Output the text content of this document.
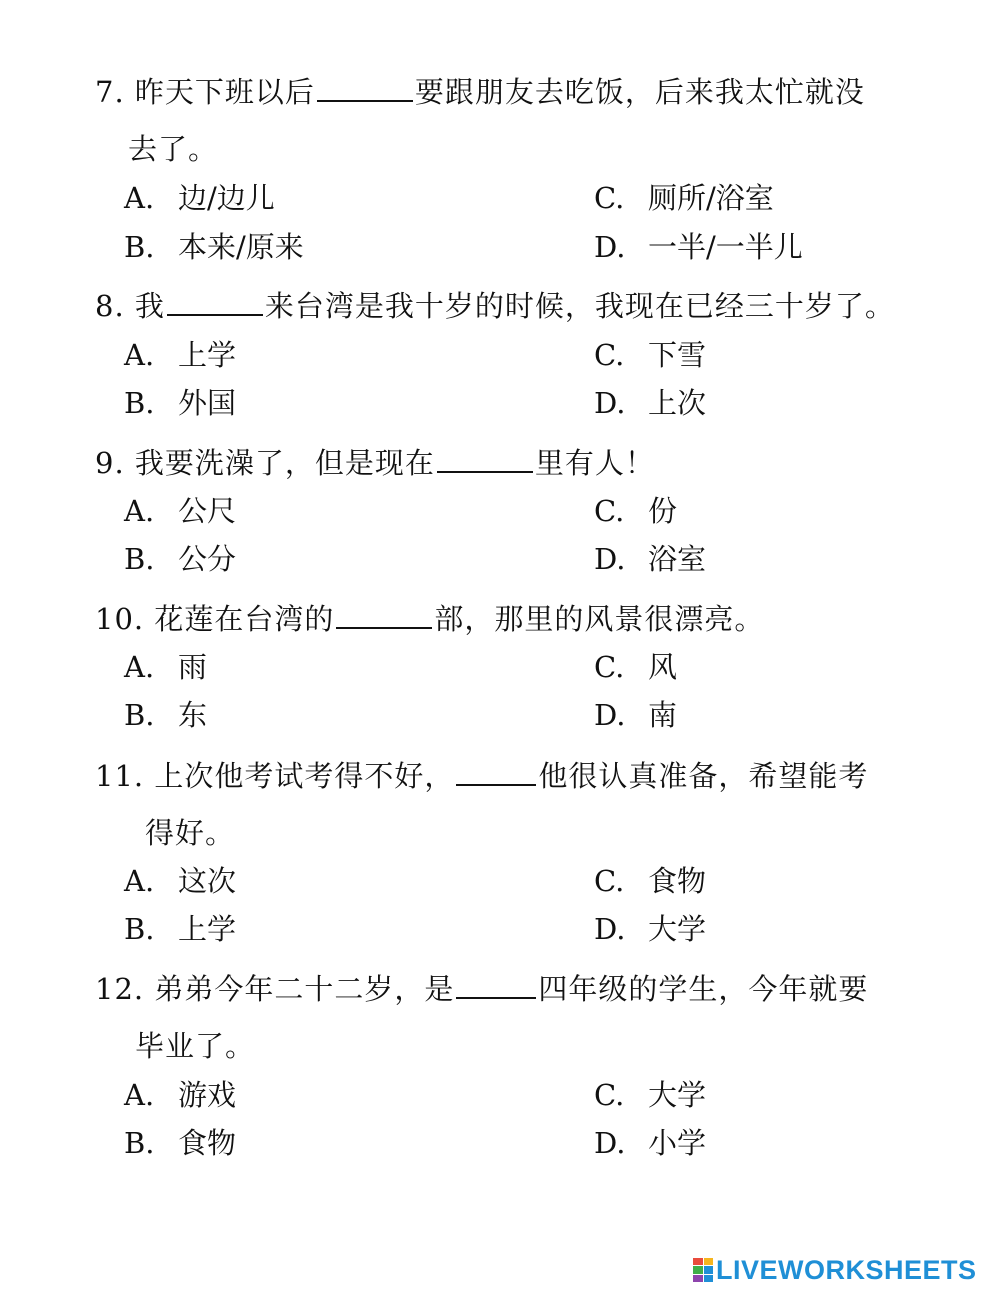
7. 昨天下班以后	要跟朋友去吃饭，后来我太忙就没
去了。
A. 边/边儿
B. 本来/原来
C. 厕所/浴室
D. 一半/一半儿
8. 我	来台湾是我十岁的时候，我现在已经三十岁了。
A. 上学
B. 外国
C. 下雪
D. 上次
9. 我要洗澡了，但是现在	里有人！
A. 公尺
B. 公分
C. 份
D. 浴室
10. 花莲在台湾的	部，那里的风景很漂亮。
A. 雨
B. 东
C. 风
D. 南
11. 上次他考试考得不好，	他很认真准备，希望能考
得好。
A. 这次
B. 上学
C. 食物
D. 大学
12. 弟弟今年二十二岁，是	四年级的学生，今年就要
毕业了。
A. 游戏
B. 食物
C. 大学
D. 小学
LIVEWORKSHEETS
